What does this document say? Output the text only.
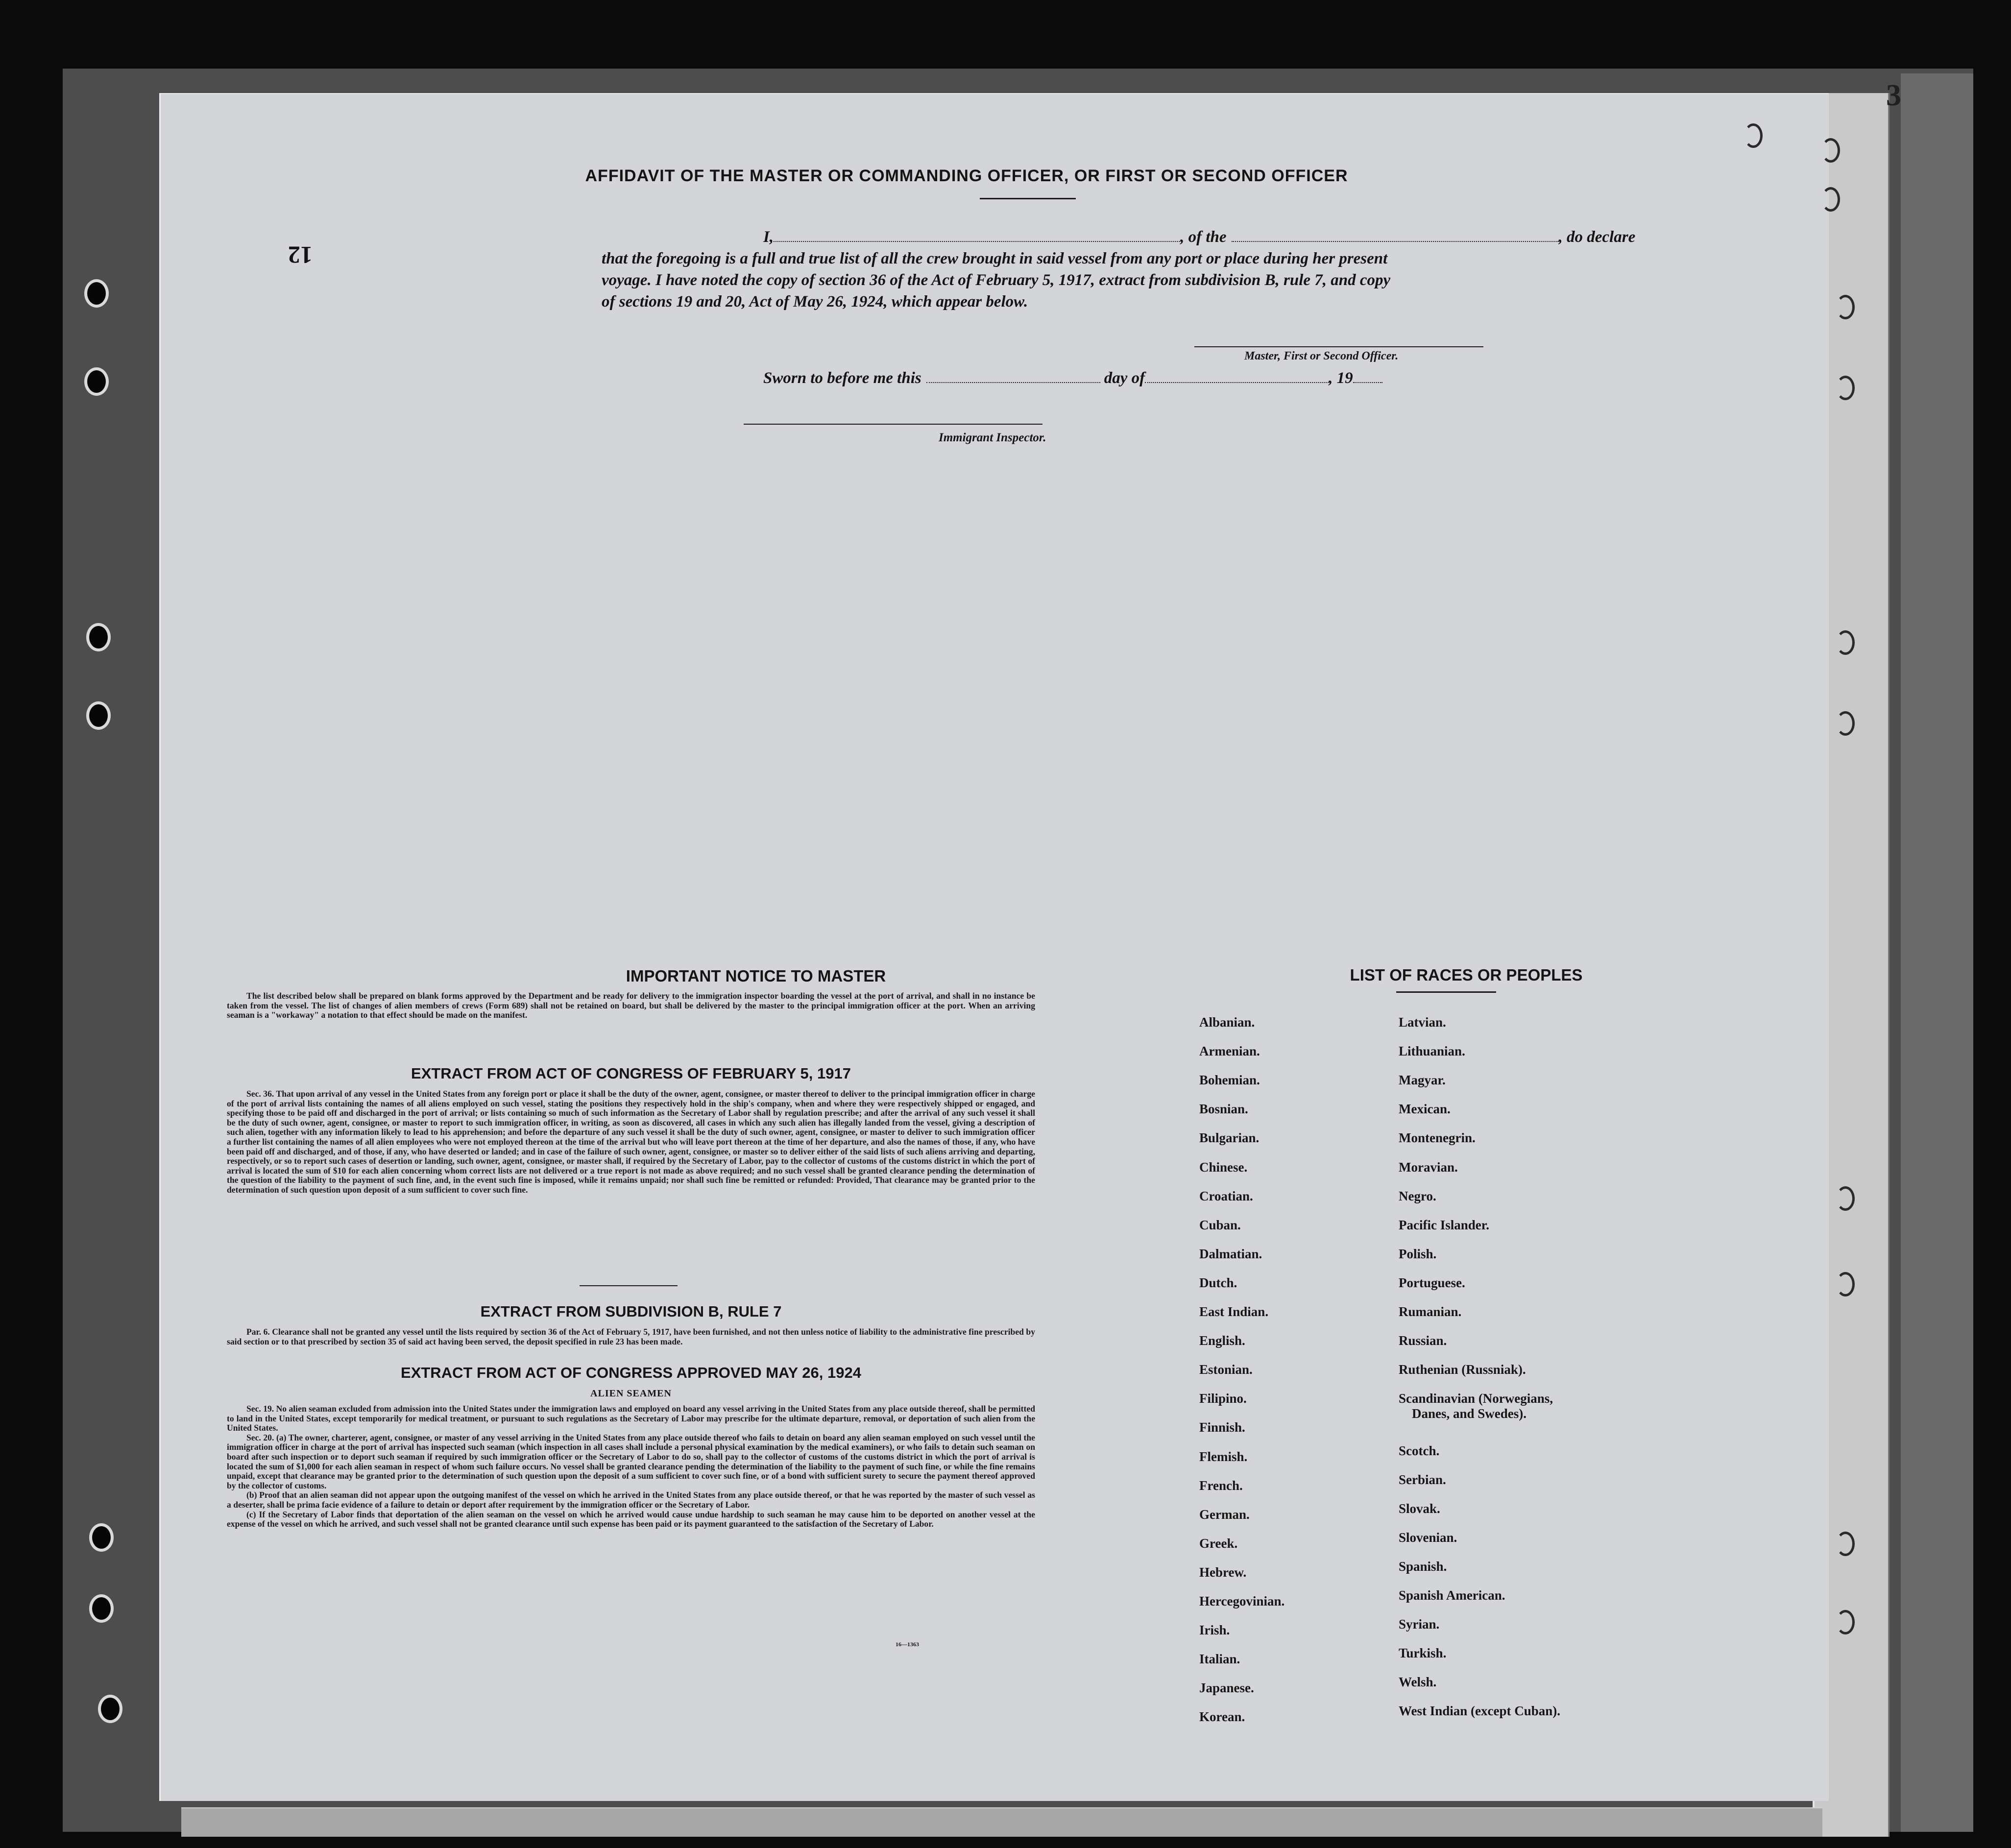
3
12
AFFIDAVIT OF THE MASTER OR COMMANDING OFFICER, OR FIRST OR SECOND OFFICER
I,	, of the	, do declare
that the foregoing is a full and true list of all the crew brought in said vessel from any port or place during her present
voyage. I have noted the copy of section 36 of the Act of February 5, 1917, extract from subdivision B, rule 7, and copy
of sections 19 and 20, Act of May 26, 1924, which appear below.
Master, First or Second Officer.
Sworn to before me this	day of	, 19
Immigrant Inspector.
IMPORTANT NOTICE TO MASTER

The list described below shall be prepared on blank forms approved by the Department and be ready for delivery to the immigration inspector boarding the vessel at the port of arrival, and shall in no instance be taken from the vessel. The list of changes of alien members of crews (Form 689) shall not be retained on board, but shall be delivered by the master to the principal immigration officer at the port. When an arriving seaman is a "workaway" a notation to that effect should be made on the manifest.

EXTRACT FROM ACT OF CONGRESS OF FEBRUARY 5, 1917

Sec. 36. That upon arrival of any vessel in the United States from any foreign port or place it shall be the duty of the owner, agent, consignee, or master thereof to deliver to the principal immigration officer in charge of the port of arrival lists containing the names of all aliens employed on such vessel, stating the positions they respectively hold in the ship's company, when and where they were respectively shipped or engaged, and specifying those to be paid off and discharged in the port of arrival; or lists containing so much of such information as the Secretary of Labor shall by regulation prescribe; and after the arrival of any such vessel it shall be the duty of such owner, agent, consignee, or master to report to such immigration officer, in writing, as soon as discovered, all cases in which any such alien has illegally landed from the vessel, giving a description of such alien, together with any information likely to lead to his apprehension; and before the departure of any such vessel it shall be the duty of such owner, agent, consignee, or master to deliver to such immigration officer a further list containing the names of all alien employees who were not employed thereon at the time of the arrival but who will leave port thereon at the time of her departure, and also the names of those, if any, who have been paid off and discharged, and of those, if any, who have deserted or landed; and in case of the failure of such owner, agent, consignee, or master so to deliver either of the said lists of such aliens arriving and departing, respectively, or so to report such cases of desertion or landing, such owner, agent, consignee, or master shall, if required by the Secretary of Labor, pay to the collector of customs of the customs district in which the port of arrival is located the sum of $10 for each alien concerning whom correct lists are not delivered or a true report is not made as above required; and no such vessel shall be granted clearance pending the determination of the question of the liability to the payment of such fine, and, in the event such fine is imposed, while it remains unpaid; nor shall such fine be remitted or refunded: Provided, That clearance may be granted prior to the determination of such question upon deposit of a sum sufficient to cover such fine.

EXTRACT FROM SUBDIVISION B, RULE 7

Par. 6. Clearance shall not be granted any vessel until the lists required by section 36 of the Act of February 5, 1917, have been furnished, and not then unless notice of liability to the administrative fine prescribed by said section or to that prescribed by section 35 of said act having been served, the deposit specified in rule 23 has been made.

EXTRACT FROM ACT OF CONGRESS APPROVED MAY 26, 1924
ALIEN SEAMEN

Sec. 19. No alien seaman excluded from admission into the United States under the immigration laws and employed on board any vessel arriving in the United States from any place outside thereof, shall be permitted to land in the United States, except temporarily for medical treatment, or pursuant to such regulations as the Secretary of Labor may prescribe for the ultimate departure, removal, or deportation of such alien from the United States.

Sec. 20. (a) The owner, charterer, agent, consignee, or master of any vessel arriving in the United States from any place outside thereof who fails to detain on board any alien seaman employed on such vessel until the immigration officer in charge at the port of arrival has inspected such seaman (which inspection in all cases shall include a personal physical examination by the medical examiners), or who fails to detain such seaman on board after such inspection or to deport such seaman if required by such immigration officer or the Secretary of Labor to do so, shall pay to the collector of customs of the customs district in which the port of arrival is located the sum of $1,000 for each alien seaman in respect of whom such failure occurs. No vessel shall be granted clearance pending the determination of the liability to the payment of such fine, or while the fine remains unpaid, except that clearance may be granted prior to the determination of such question upon the deposit of a sum sufficient to cover such fine, or of a bond with sufficient surety to secure the payment thereof approved by the collector of customs.

(b) Proof that an alien seaman did not appear upon the outgoing manifest of the vessel on which he arrived in the United States from any place outside thereof, or that he was reported by the master of such vessel as a deserter, shall be prima facie evidence of a failure to detain or deport after requirement by the immigration officer or the Secretary of Labor.

(c) If the Secretary of Labor finds that deportation of the alien seaman on the vessel on which he arrived would cause undue hardship to such seaman he may cause him to be deported on another vessel at the expense of the vessel on which he arrived, and such vessel shall not be granted clearance until such expense has been paid or its payment guaranteed to the satisfaction of the Secretary of Labor.

16—1363
LIST OF RACES OR PEOPLES
Albanian.
Armenian.
Bohemian.
Bosnian.
Bulgarian.
Chinese.
Croatian.
Cuban.
Dalmatian.
Dutch.
East Indian.
English.
Estonian.
Filipino.
Finnish.
Flemish.
French.
German.
Greek.
Hebrew.
Hercegovinian.
Irish.
Italian.
Japanese.
Korean.
Latvian.
Lithuanian.
Magyar.
Mexican.
Montenegrin.
Moravian.
Negro.
Pacific Islander.
Polish.
Portuguese.
Rumanian.
Russian.
Ruthenian (Russniak).
Scandinavian (Norwegians,
Danes, and Swedes).
Scotch.
Serbian.
Slovak.
Slovenian.
Spanish.
Spanish American.
Syrian.
Turkish.
Welsh.
West Indian (except Cuban).
